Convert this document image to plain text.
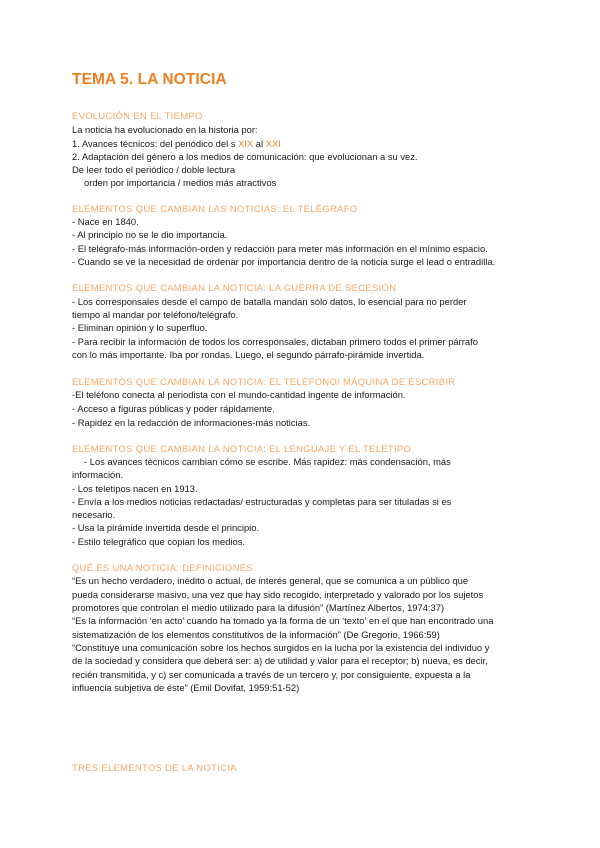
TEMA 5. LA NOTICIA

EVOLUCIÓN EN EL TIEMPO

La noticia ha evolucionado en la historia por:

1. Avances técnicos: del periódico del s XIX al XXI

2. Adaptación del género a los medios de comunicación: que evolucionan a su vez.

De leer todo el periódico / doble lectura

orden por importancia / medios más atractivos

ELEMENTOS QUE CAMBIAN LAS NOTICIAS: EL TELÉGRAFO

- Nace en 1840.

- Al principio no se le dio importancia.

- El telégrafo-más información-orden y redacción para meter más información en el mínimo espacio.

- Cuando se ve la necesidad de ordenar por importancia dentro de la noticia surge el lead o entradilla.

ELEMENTOS QUE CAMBIAN LA NOTICIA: LA GUERRA DE SECESIÓN

- Los corresponsales desde el campo de batalla mandan sólo datos, lo esencial para no perder

tiempo al mandar por teléfono/telégrafo.

- Eliminan opinión y lo superfluo.

- Para recibir la información de todos los corresponsales, dictaban primero todos el primer párrafo

con lo más importante. Iba por rondas. Luego, el segundo párrafo-pirámide invertida.

ELEMENTOS QUE CAMBIAN LA NOTICIA: EL TELÉFONO/ MÁQUINA DE ESCRIBIR

-El teléfono conecta al periodista con el mundo-cantidad ingente de información.

- Acceso a figuras públicas y poder rápidamente.

- Rapidez en la redacción de informaciones-más noticias.

ELEMENTOS QUE CAMBIAN LA NOTICIA: EL LENGUAJE Y EL TELETIPO

- Los avances técnicos cambian cómo se escribe. Más rapidez: más condensación, más

información.

- Los teletipos nacen en 1913.

- Envía a los medios noticias redactadas/ estructuradas y completas para ser tituladas si es

necesario.

- Usa la pirámide invertida desde el principio.

- Estilo telegráfico que copian los medios.

QUÉ ES UNA NOTICIA: DEFINICIONES

“Es un hecho verdadero, inédito o actual, de interés general, que se comunica a un público que

pueda considerarse masivo, una vez que hay sido recogido, interpretado y valorado por los sujetos

promotores que controlan el medio utilizado para la difusión” (Martínez Albertos, 1974:37)

“Es la información ‘en acto’ cuando ha tomado ya la forma de un ‘texto’ en el que han encontrado una

sistematización de los elementos constitutivos de la información” (De Gregorio, 1966:59)

“Constituye una comunicación sobre los hechos surgidos en la lucha por la existencia del individuo y

de la sociedad y considera que deberá ser: a) de utilidad y valor para el receptor; b) nueva, es decir,

recién transmitida, y c) ser comunicada a través de un tercero y, por consiguiente, expuesta a la

influencia subjetiva de éste” (Emil Dovifat, 1959:51-52)

TRES ELEMENTOS DE LA NOTICIA
